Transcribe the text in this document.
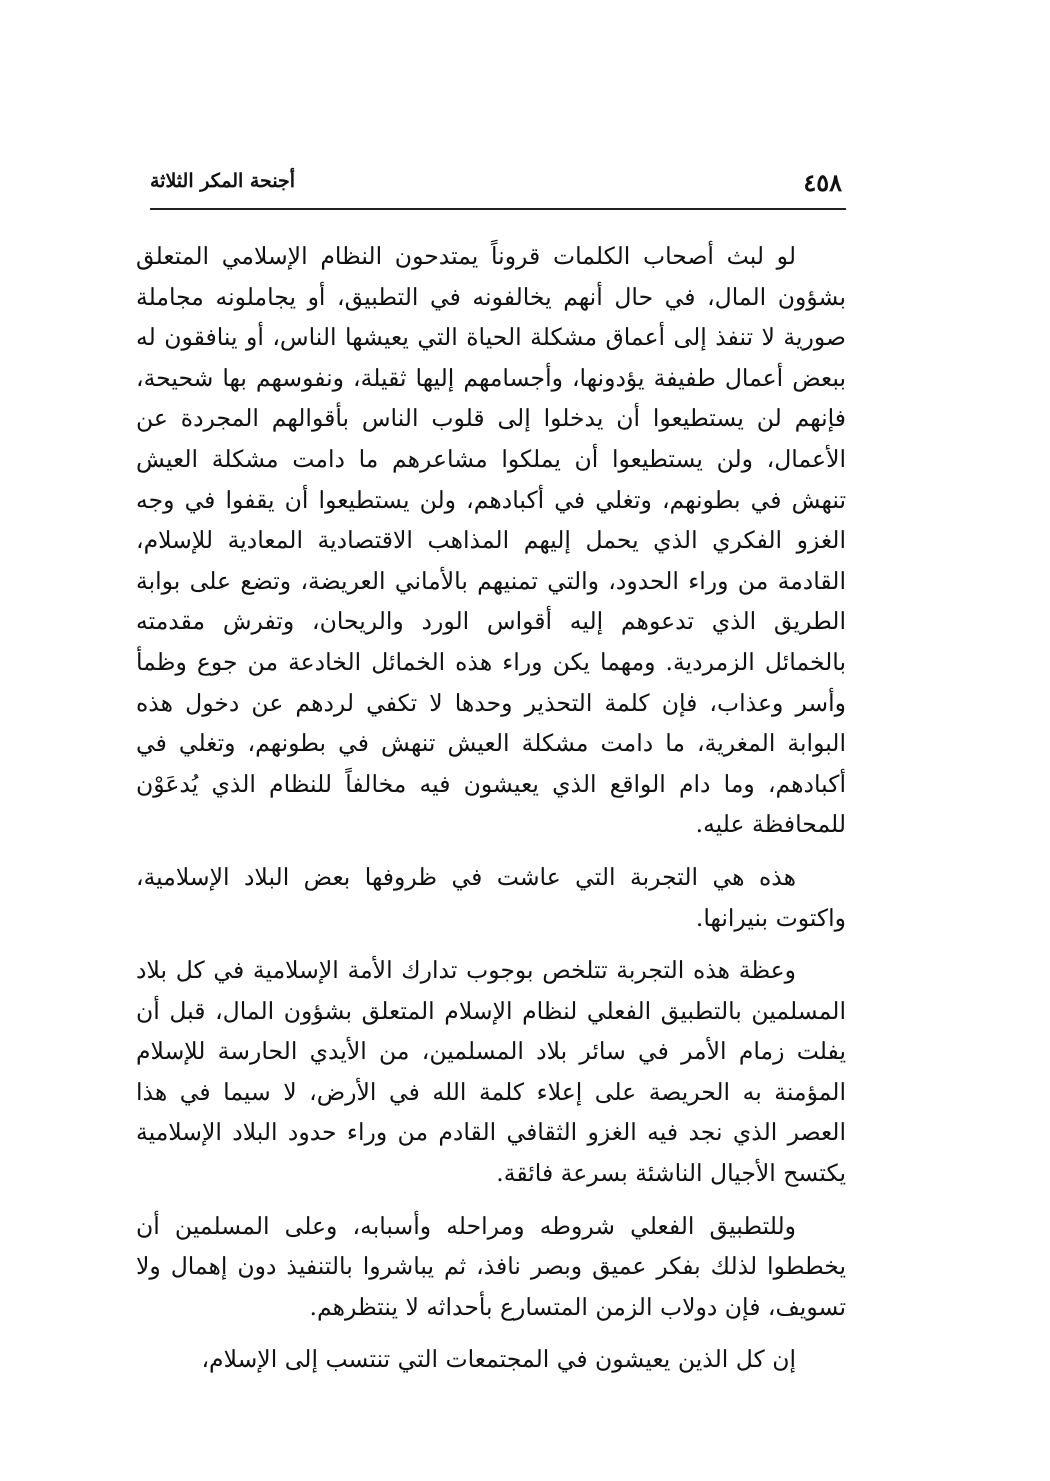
أجنحة المكر الثلاثة	٤٥٨

لو لبث أصحاب الكلمات قروناً يمتدحون النظام الإسلامي المتعلق بشؤون المال، في حال أنهم يخالفونه في التطبيق، أو يجاملونه مجاملة صورية لا تنفذ إلى أعماق مشكلة الحياة التي يعيشها الناس، أو ينافقون له ببعض أعمال طفيفة يؤدونها، وأجسامهم إليها ثقيلة، ونفوسهم بها شحيحة، فإنهم لن يستطيعوا أن يدخلوا إلى قلوب الناس بأقوالهم المجردة عن الأعمال، ولن يستطيعوا أن يملكوا مشاعرهم ما دامت مشكلة العيش تنهش في بطونهم، وتغلي في أكبادهم، ولن يستطيعوا أن يقفوا في وجه الغزو الفكري الذي يحمل إليهم المذاهب الاقتصادية المعادية للإسلام، القادمة من وراء الحدود، والتي تمنيهم بالأماني العريضة، وتضع على بوابة الطريق الذي تدعوهم إليه أقواس الورد والريحان، وتفرش مقدمته بالخمائل الزمردية. ومهما يكن وراء هذه الخمائل الخادعة من جوع وظمأ وأسر وعذاب، فإن كلمة التحذير وحدها لا تكفي لردهم عن دخول هذه البوابة المغرية، ما دامت مشكلة العيش تنهش في بطونهم، وتغلي في أكبادهم، وما دام الواقع الذي يعيشون فيه مخالفاً للنظام الذي يُدعَوْن للمحافظة عليه.

هذه هي التجربة التي عاشت في ظروفها بعض البلاد الإسلامية، واكتوت بنيرانها.

وعظة هذه التجربة تتلخص بوجوب تدارك الأمة الإسلامية في كل بلاد المسلمين بالتطبيق الفعلي لنظام الإسلام المتعلق بشؤون المال، قبل أن يفلت زمام الأمر في سائر بلاد المسلمين، من الأيدي الحارسة للإسلام المؤمنة به الحريصة على إعلاء كلمة الله في الأرض، لا سيما في هذا العصر الذي نجد فيه الغزو الثقافي القادم من وراء حدود البلاد الإسلامية يكتسح الأجيال الناشئة بسرعة فائقة.

وللتطبيق الفعلي شروطه ومراحله وأسبابه، وعلى المسلمين أن يخططوا لذلك بفكر عميق وبصر نافذ، ثم يباشروا بالتنفيذ دون إهمال ولا تسويف، فإن دولاب الزمن المتسارع بأحداثه لا ينتظرهم.

إن كل الذين يعيشون في المجتمعات التي تنتسب إلى الإسلام،
